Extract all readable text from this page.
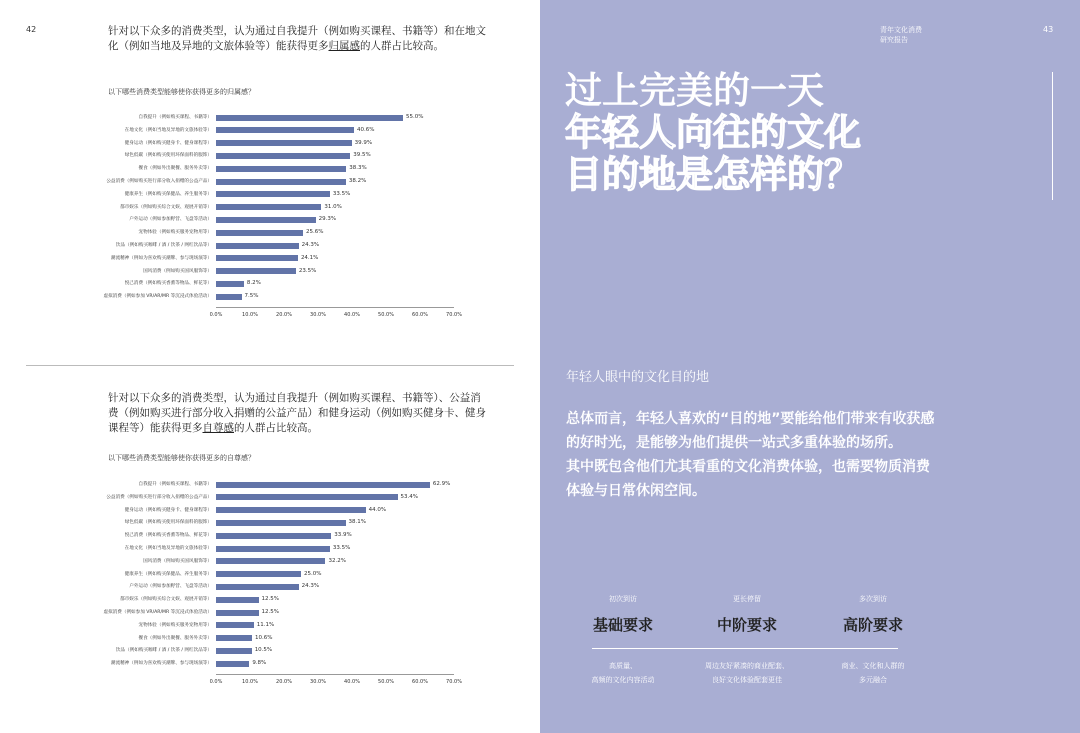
42	针对以下众多的消费类型，认为通过自我提升（例如购买课程、书籍等）和在地文化（例如当地及异地的文旅体验等）能获得更多归属感的人群占比较高。
以下哪些消费类型能够使你获得更多的归属感？
自我提升（例如购买课程、书籍等）	55.0%
在地文化（例如当地及异地的文旅体验等）	40.6%
健身运动（例如购买健身卡、健身课程等）	39.9%
绿色低碳（例如购买使用环保面料的服饰）	39.5%
餐食（例如外出聚餐、服务外卖等）	38.3%
公益消费（例如购买进行部分收入捐赠的公益产品）	38.2%
健康养生（例如购买保健品、养生服务等）	33.5%
都市娱乐（例如购买综合文娱、观展开销等）	31.0%
户外运动（例如参加野营、飞盘等活动）	29.3%
宠物体验（例如购买服务宠物用等）	25.6%
饮品（例如购买咖啡 / 酒 / 饮茶 / 网红饮品等）	24.3%
潮流精神（例如为喜欢购买潮牌、参与现场演等）	24.1%
国风消费（例如购买国风服饰等）	23.5%
悦己消费（例如购买香薰等物品、鲜花等）	8.2%
虚拟消费（例如参加 VR/AR/MR 等沉浸式体验活动）	7.5%
0.0%	10.0%	20.0%	30.0%	40.0%	50.0%	60.0%	70.0%
针对以下众多的消费类型，认为通过自我提升（例如购买课程、书籍等）、公益消费（例如购买进行部分收入捐赠的公益产品）和健身运动（例如购买健身卡、健身课程等）能获得更多自尊感的人群占比较高。
以下哪些消费类型能够使你获得更多的自尊感？
自我提升（例如购买课程、书籍等）	62.9%
公益消费（例如购买进行部分收入捐赠的公益产品）	53.4%
健身运动（例如购买健身卡、健身课程等）	44.0%
绿色低碳（例如购买使用环保面料的服饰）	38.1%
悦己消费（例如购买香薰等物品、鲜花等）	33.9%
在地文化（例如当地及异地的文旅体验等）	33.5%
国风消费（例如购买国风服饰等）	32.2%
健康养生（例如购买保健品、养生服务等）	25.0%
户外运动（例如参加野营、飞盘等活动）	24.3%
都市娱乐（例如购买综合文娱、观展开销等）	12.5%
虚拟消费（例如参加 VR/AR/MR 等沉浸式体验活动）	12.5%
宠物体验（例如购买服务宠物用等）	11.1%
餐食（例如外出聚餐、服务外卖等）	10.6%
饮品（例如购买咖啡 / 酒 / 饮茶 / 网红饮品等）	10.5%
潮流精神（例如为喜欢购买潮牌、参与现场演等）	9.8%
0.0%	10.0%	20.0%	30.0%	40.0%	50.0%	60.0%	70.0%
青年文化消费
研究报告
43
过上完美的一天
年轻人向往的文化
目的地是怎样的？
年轻人眼中的文化目的地
总体而言，年轻人喜欢的“目的地”要能给他们带来有收获感的好时光，是能够为他们提供一站式多重体验的场所。
其中既包含他们尤其看重的文化消费体验，也需要物质消费体验与日常休闲空间。
初次到访
基础要求
高质量、
高频的文化内容活动
更长停留
中阶要求
周边友好紧凑的商业配套、
良好文化体验配套更佳
多次到访
高阶要求
商业、文化和人群的
多元融合
